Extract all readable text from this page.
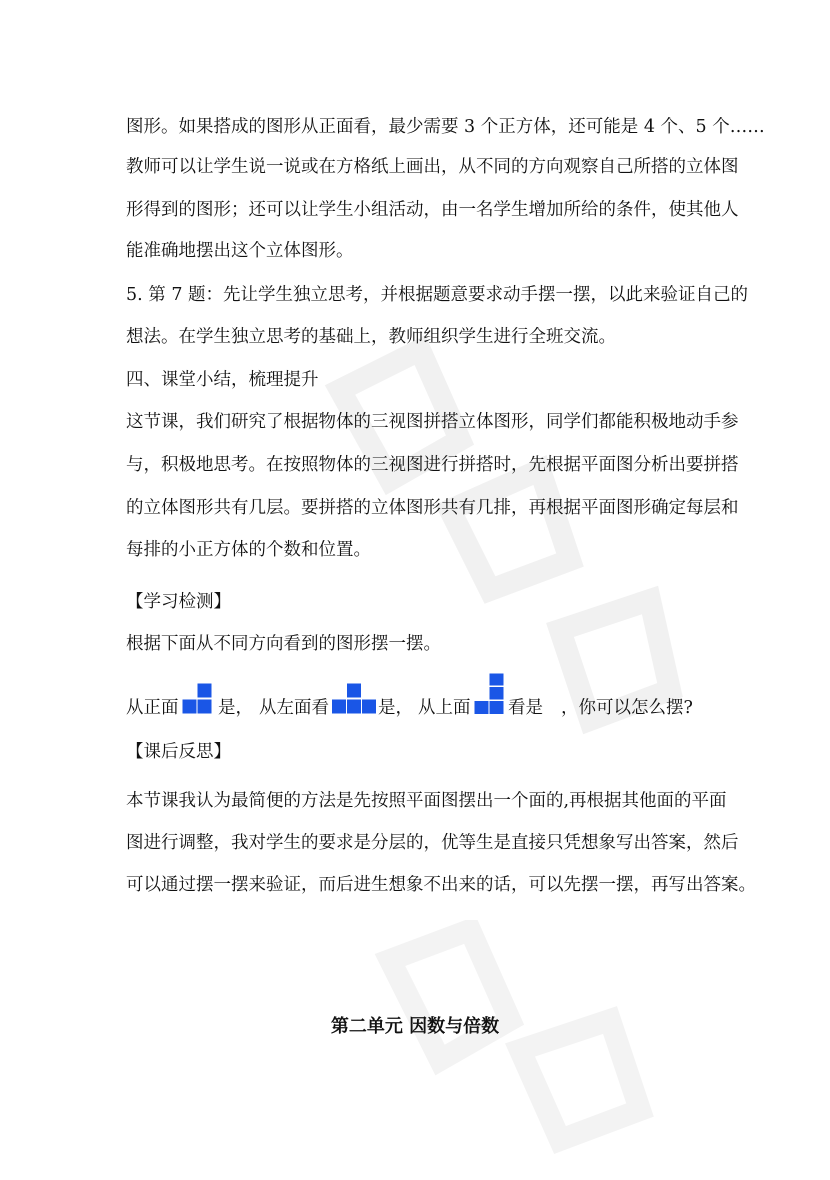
图形。如果搭成的图形从正面看，最少需要 3 个正方体，还可能是 4 个、5 个……
教师可以让学生说一说或在方格纸上画出，从不同的方向观察自己所搭的立体图
形得到的图形；还可以让学生小组活动，由一名学生增加所给的条件，使其他人
能准确地摆出这个立体图形。
5. 第 7 题：先让学生独立思考，并根据题意要求动手摆一摆，以此来验证自己的
想法。在学生独立思考的基础上，教师组织学生进行全班交流。
四、课堂小结，梳理提升
这节课，我们研究了根据物体的三视图拼搭立体图形，同学们都能积极地动手参
与，积极地思考。在按照物体的三视图进行拼搭时，先根据平面图分析出要拼搭
的立体图形共有几层。要拼搭的立体图形共有几排，再根据平面图形确定每层和
每排的小正方体的个数和位置。
【学习检测】
根据下面从不同方向看到的图形摆一摆。
从正面 是， 从左面看	是， 从上面 看是 ，你可以怎么摆?
【课后反思】
本节课我认为最简便的方法是先按照平面图摆出一个面的,再根据其他面的平面
图进行调整，我对学生的要求是分层的，优等生是直接只凭想象写出答案，然后
可以通过摆一摆来验证，而后进生想象不出来的话，可以先摆一摆，再写出答案。
第二单元 因数与倍数
